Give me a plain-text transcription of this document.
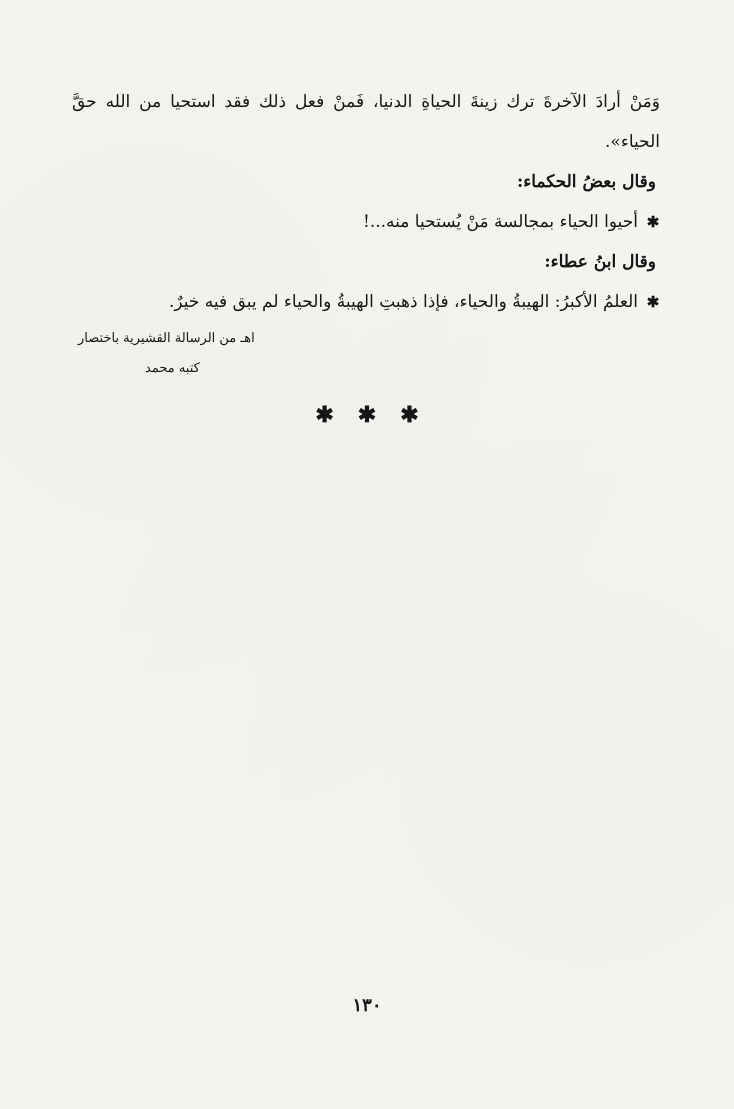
وَمَنْ أرادَ الآخرةَ ترك زينةَ الحياةِ الدنيا، فَمنْ فعل ذلك فقد استحيا من الله حقَّ الحياء».

وقال بعضُ الحكماء:

✱
أحيوا الحياء بمجالسة مَنْ يُستحيا منه...!

وقال ابنُ عطاء:

✱
العلمُ الأكبرُ: الهيبةُ والحياء، فإذا ذهبتِ الهيبةُ والحياء لم يبق فيه خيرٌ.

اهـ من الرسالة القشيرية باختصار
كتبه محمد
✱✱✱
١٣٠
